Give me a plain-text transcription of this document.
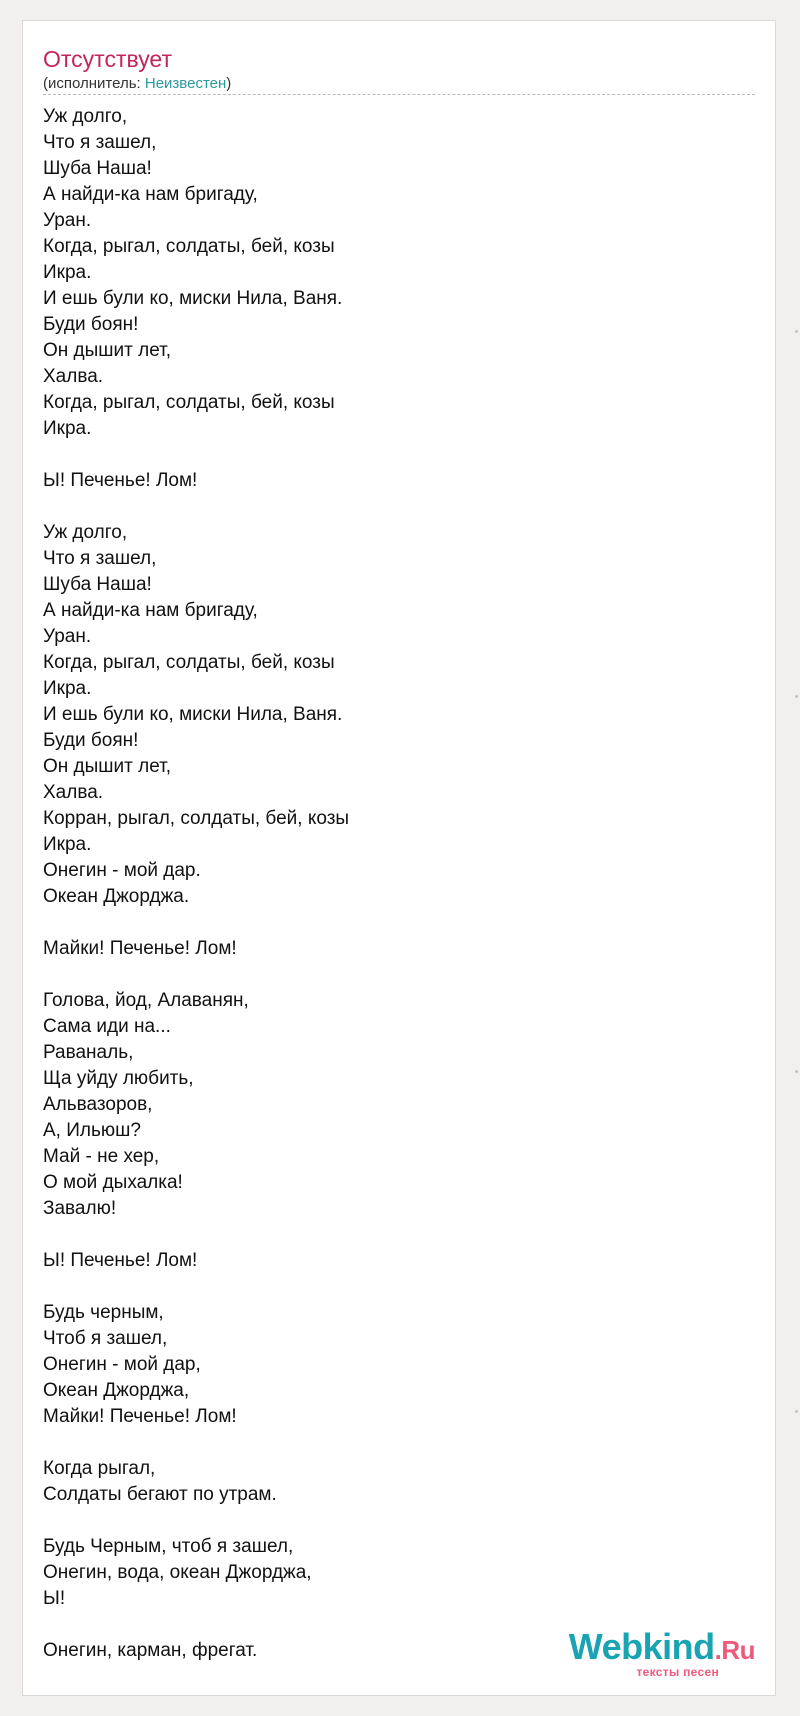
Отсутствует
(исполнитель: Неизвестен)
Уж долго,
Что я зашел,
Шуба Наша!
А найди-ка нам бригаду,
Уран.
Когда, рыгал, солдаты, бей, козы
Икра.
И ешь були ко, миски Нила, Ваня.
Буди боян!
Он дышит лет,
Халва.
Когда, рыгал, солдаты, бей, козы
Икра.
Ы! Печенье! Лом!
Уж долго,
Что я зашел,
Шуба Наша!
А найди-ка нам бригаду,
Уран.
Когда, рыгал, солдаты, бей, козы
Икра.
И ешь були ко, миски Нила, Ваня.
Буди боян!
Он дышит лет,
Халва.
Корран, рыгал, солдаты, бей, козы
Икра.
Онегин - мой дар.
Океан Джорджа.
Майки! Печенье! Лом!
Голова, йод, Алаванян,
Сама иди на...
Раваналь,
Ща уйду любить,
Альвазоров,
А, Ильюш?
Май - не хер,
О мой дыхалка!
Завалю!
Ы! Печенье! Лом!
Будь черным,
Чтоб я зашел,
Онегин - мой дар,
Океан Джорджа,
Майки! Печенье! Лом!
Когда рыгал,
Солдаты бегают по утрам.
Будь Черным, чтоб я зашел,
Онегин, вода, океан Джорджа,
Ы!
Онегин, карман, фрегат.	Webkind.Ru
тексты песен
